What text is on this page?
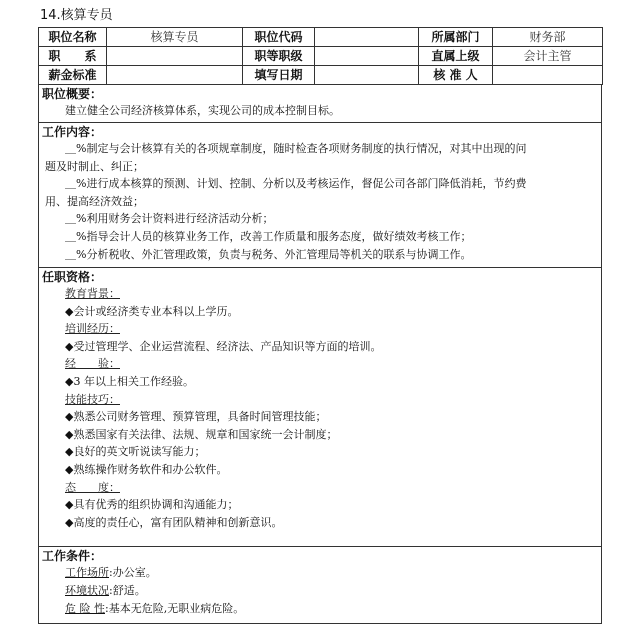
14.核算专员
职位名称	核算专员	职位代码		所属部门	财务部
职　　系		职等职级		直属上级	会计主管
薪金标准		填写日期		核 准 人	
职位概要：
建立健全公司经济核算体系，实现公司的成本控制目标。
工作内容：
＿%制定与会计核算有关的各项规章制度，随时检查各项财务制度的执行情况，对其中出现的问
题及时制止、纠正；
＿%进行成本核算的预测、计划、控制、分析以及考核运作，督促公司各部门降低消耗，节约费
用、提高经济效益；
＿%利用财务会计资料进行经济活动分析；
＿%指导会计人员的核算业务工作，改善工作质量和服务态度，做好绩效考核工作；
＿%分析税收、外汇管理政策，负责与税务、外汇管理局等机关的联系与协调工作。
任职资格：
教育背景：
◆会计或经济类专业本科以上学历。
培训经历：
◆受过管理学、企业运营流程、经济法、产品知识等方面的培训。
经　　验：
◆3 年以上相关工作经验。
技能技巧：
◆熟悉公司财务管理、预算管理，具备时间管理技能；
◆熟悉国家有关法律、法规、规章和国家统一会计制度；
◆良好的英文听说读写能力；
◆熟练操作财务软件和办公软件。
态　　度：
◆具有优秀的组织协调和沟通能力；
◆高度的责任心，富有团队精神和创新意识。
工作条件：
工作场所:办公室。
环境状况:舒适。
危 险 性:基本无危险,无职业病危险。
